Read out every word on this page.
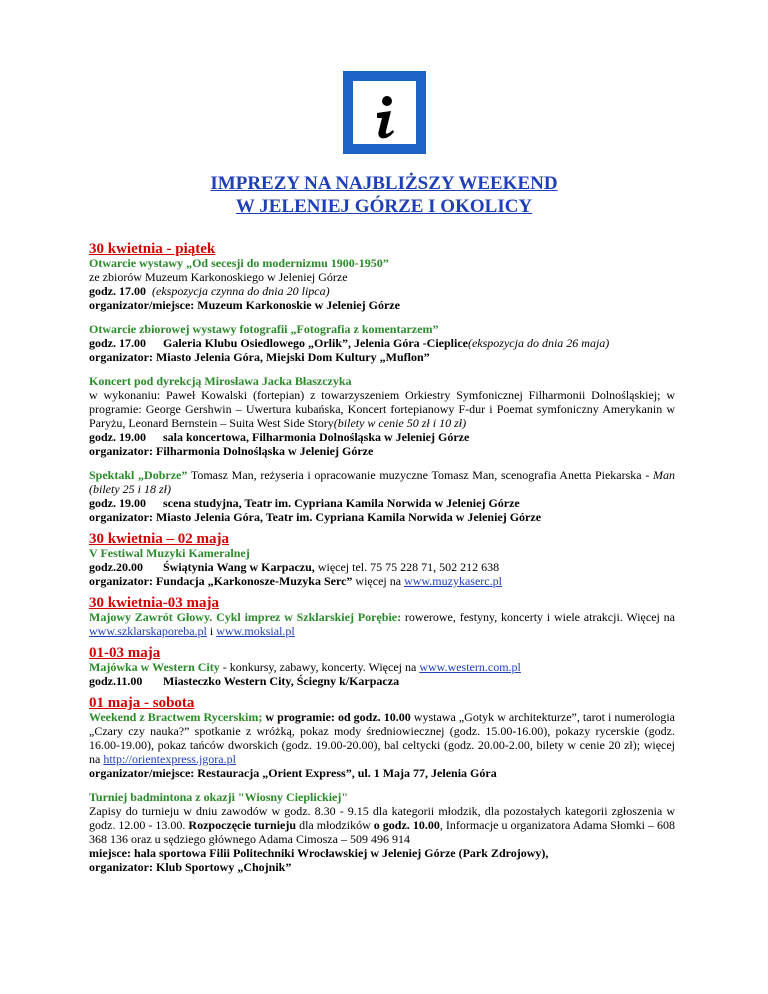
IMPREZY NA NAJBLIŻSZY WEEKEND
W JELENIEJ GÓRZE I OKOLICY

30 kwietnia - piątek

Otwarcie wystawy „Od secesji do modernizmu 1900-1950”

ze zbiorów Muzeum Karkonoskiego w Jeleniej Górze

godz. 17.00 (ekspozycja czynna do dnia 20 lipca)

organizator/miejsce: Muzeum Karkonoskie w Jeleniej Górze

Otwarcie zbiorowej wystawy fotografii „Fotografia z komentarzem”

godz. 17.00 Galeria Klubu Osiedlowego „Orlik”, Jelenia Góra -Cieplice(ekspozycja do dnia 26 maja)

organizator: Miasto Jelenia Góra, Miejski Dom Kultury „Muflon”

Koncert pod dyrekcją Mirosława Jacka Błaszczyka

w wykonaniu: Paweł Kowalski (fortepian) z towarzyszeniem Orkiestry Symfonicznej Filharmonii Dolnośląskiej; w programie: George Gershwin – Uwertura kubańska, Koncert fortepianowy F-dur i Poemat symfoniczny Amerykanin w Paryżu, Leonard Bernstein – Suita West Side Story(bilety w cenie 50 zł i 10 zł)

godz. 19.00 sala koncertowa, Filharmonia Dolnośląska w Jeleniej Górze

organizator: Filharmonia Dolnośląska w Jeleniej Górze

Spektakl „Dobrze” Tomasz Man, reżyseria i opracowanie muzyczne Tomasz Man, scenografia Anetta Piekarska - Man (bilety 25 i 18 zł)

godz. 19.00 scena studyjna, Teatr im. Cypriana Kamila Norwida w Jeleniej Górze

organizator: Miasto Jelenia Góra, Teatr im. Cypriana Kamila Norwida w Jeleniej Górze

30 kwietnia – 02 maja

V Festiwal Muzyki Kameralnej

godz.20.00 Świątynia Wang w Karpaczu, więcej tel. 75 75 228 71, 502 212 638

organizator: Fundacja „Karkonosze-Muzyka Serc” więcej na www.muzykaserc.pl

30 kwietnia-03 maja

Majowy Zawrót Głowy. Cykl imprez w Szklarskiej Porębie: rowerowe, festyny, koncerty i wiele atrakcji. Więcej na www.szklarskaporeba.pl i www.moksial.pl

01-03 maja

Majówka w Western City - konkursy, zabawy, koncerty. Więcej na www.western.com.pl

godz.11.00 Miasteczko Western City, Ściegny k/Karpacza

01 maja - sobota

Weekend z Bractwem Rycerskim; w programie: od godz. 10.00 wystawa „Gotyk w architekturze”, tarot i numerologia „Czary czy nauka?” spotkanie z wróżką, pokaz mody średniowiecznej (godz. 15.00-16.00), pokazy rycerskie (godz. 16.00-19.00), pokaz tańców dworskich (godz. 19.00-20.00), bal celtycki (godz. 20.00-2.00, bilety w cenie 20 zł); więcej na http://orientexpress.jgora.pl

organizator/miejsce: Restauracja „Orient Express”, ul. 1 Maja 77, Jelenia Góra

Turniej badmintona z okazji "Wiosny Cieplickiej"

Zapisy do turnieju w dniu zawodów w godz. 8.30 - 9.15 dla kategorii młodzik, dla pozostałych kategorii zgłoszenia w godz. 12.00 - 13.00. Rozpoczęcie turnieju dla młodzików o godz. 10.00, Informacje u organizatora Adama Słomki – 608 368 136 oraz u sędziego głównego Adama Cimosza – 509 496 914

miejsce: hala sportowa Filii Politechniki Wrocławskiej w Jeleniej Górze (Park Zdrojowy),

organizator: Klub Sportowy „Chojnik”
